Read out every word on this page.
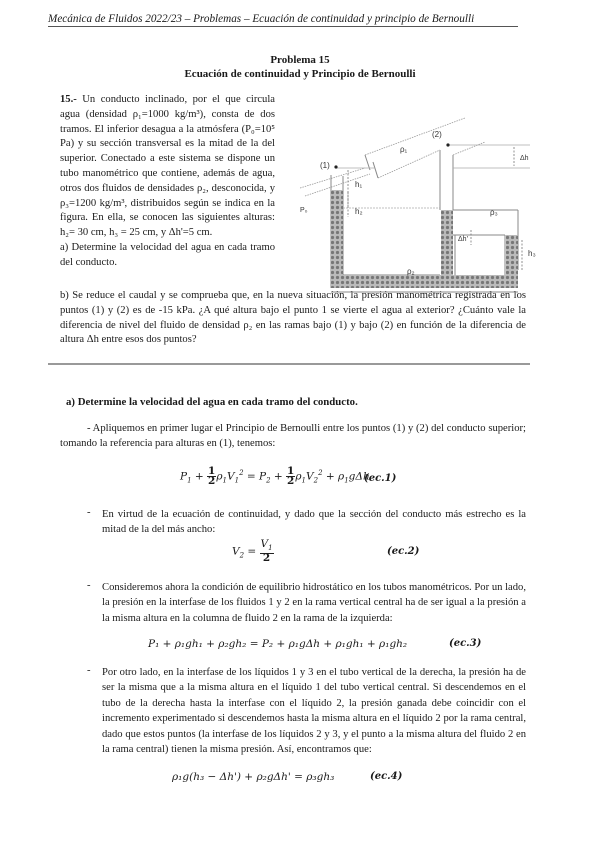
Mecánica de Fluidos 2022/23 – Problemas – Ecuación de continuidad y principio de Bernoulli
Problema 15
Ecuación de continuidad y Principio de Bernoulli
15.- Un conducto inclinado, por el que circula agua (densidad ρ₁=1000 kg/m³), consta de dos tramos. El inferior desagua a la atmósfera (P₀=10⁵ Pa) y su sección transversal es la mitad de la del superior. Conectado a este sistema se dispone un tubo manométrico que contiene, además de agua, otros dos fluidos de densidades ρ₂, desconocida, y ρ₃=1200 kg/m³, distribuidos según se indica en la figura. En ella, se conocen las siguientes alturas: h₂= 30 cm, h₃ = 25 cm, y Δh'=5 cm.
a) Determine la velocidad del agua en cada tramo del conducto.
b) Se reduce el caudal y se comprueba que, en la nueva situación, la presión manométrica registrada en los puntos (1) y (2) es de -15 kPa. ¿A qué altura bajo el punto 1 se vierte el agua al exterior? ¿Cuánto vale la diferencia de nivel del fluido de densidad ρ₂ en las ramas bajo (1) y bajo (2) en función de la diferencia de altura Δh entre esos dos puntos?
(1)
(2)
ρ₁
ρ₂
ρ₃
h₁
h₂
h₃
Δh
Δh'
P₀
a) Determine la velocidad del agua en cada tramo del conducto.
- Apliquemos en primer lugar el Principio de Bernoulli entre los puntos (1) y (2) del conducto superior; tomando la referencia para alturas en (1), tenemos:
$P_1 + \frac{1}{2} \rho_1V_1^2 = P_2 + \frac{1}{2} \rho_1V_2^2 + \rho_1g\Delta h$
(ec.1)
- En virtud de la ecuación de continuidad, y dado que la sección del conducto más estrecho es la mitad de la del más ancho:
$V_2 = \frac{V_1}{2}$	(ec.2)
- Consideremos ahora la condición de equilibrio hidrostático en los tubos manométricos. Por un lado, la presión en la interfase de los fluidos 1 y 2 en la rama vertical central ha de ser igual a la presión a la misma altura en la columna de fluido 2 en la rama de la izquierda:
P₁ + ρ₁gh₁ + ρ₂gh₂ = P₂ + ρ₁gΔh + ρ₁gh₁ + ρ₁gh₂	(ec.3)
- Por otro lado, en la interfase de los líquidos 1 y 3 en el tubo vertical de la derecha, la presión ha de ser la misma que a la misma altura en el líquido 1 del tubo vertical central. Si descendemos en el tubo de la derecha hasta la interfase con el líquido 2, la presión ganada debe coincidir con el incremento experimentado si descendemos hasta la misma altura en el líquido 2 por la rama central, dado que estos puntos (la interfase de los líquidos 2 y 3, y el punto a la misma altura del fluido 2 en la rama central) tienen la misma presión. Así, encontramos que:
ρ₁g(h₃ − Δh') + ρ₂gΔh' = ρ₃gh₃	(ec.4)
